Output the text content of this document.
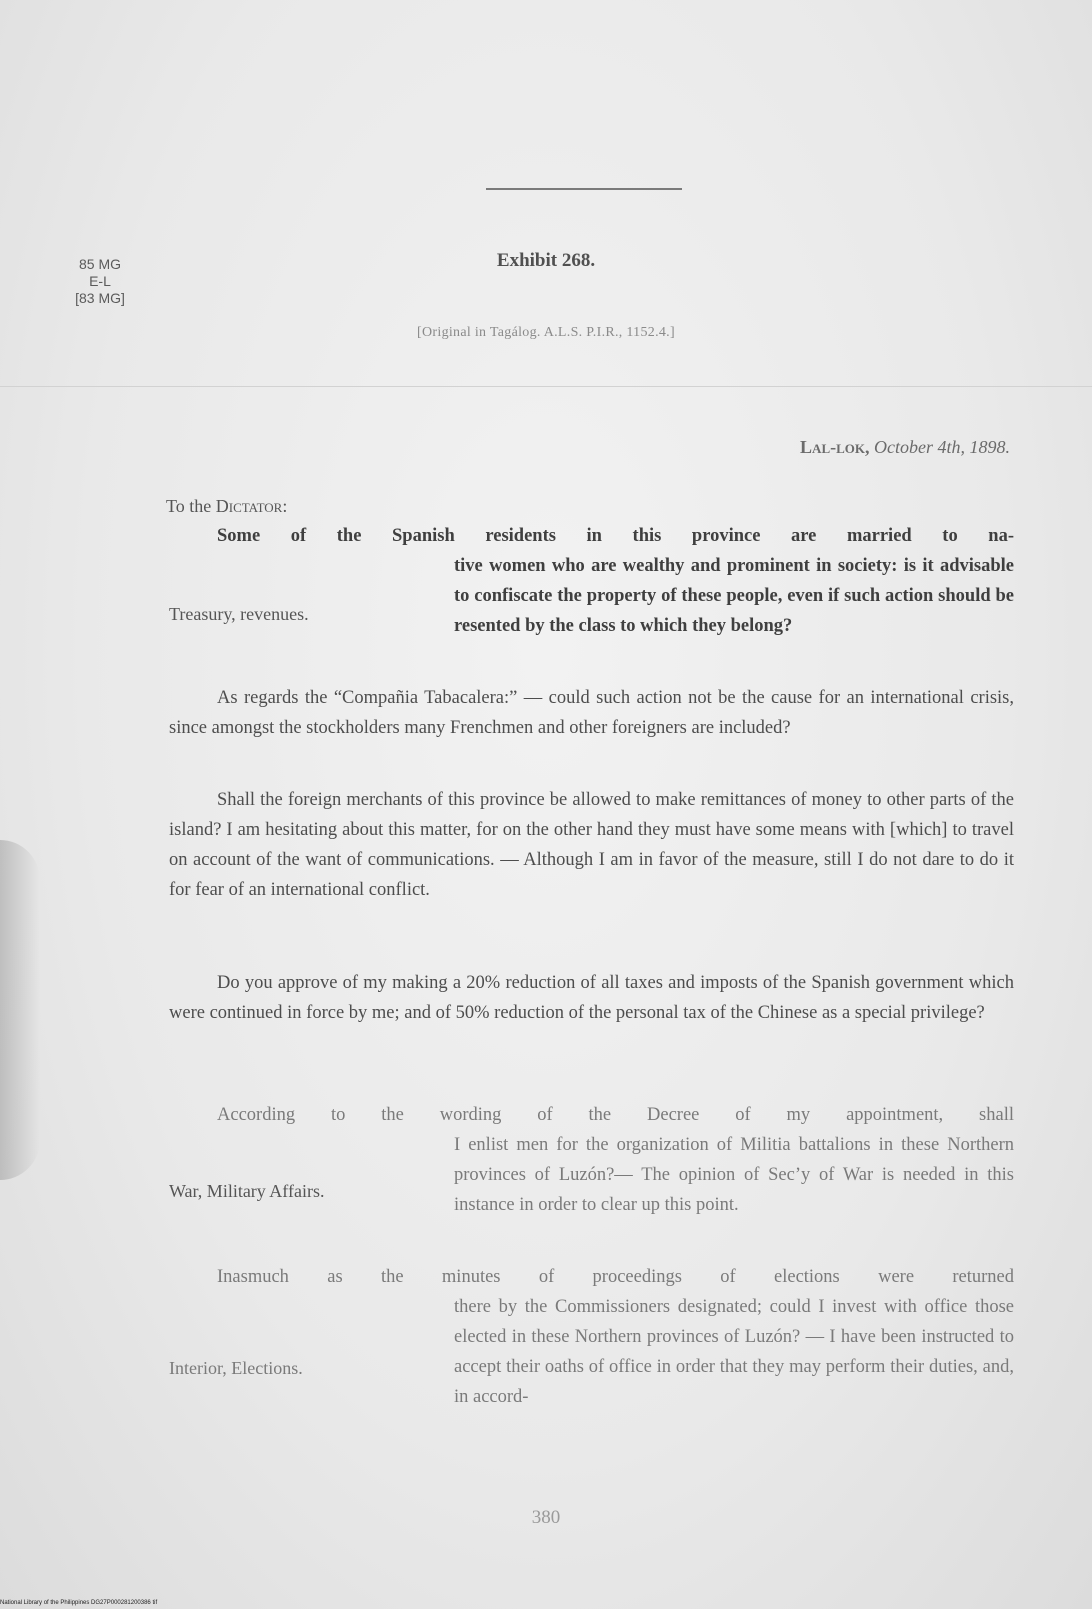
85 MG
E-L
[83 MG]
Exhibit 268.
[Original in Tagálog. A.L.S. P.I.R., 1152.4.]
Lal-lok, October 4th, 1898.
To the Dictator:

Some of the Spanish residents in this province are married to na-

Treasury, revenues.
tive women who are wealthy and prominent in society: is it advisable to confiscate the property of these people, even if such action should be resented by the class to which they belong?

As regards the “Compañia Tabacalera:” — could such action not be the cause for an international crisis, since amongst the stockholders many Frenchmen and other foreigners are included?

Shall the foreign merchants of this province be allowed to make remittances of money to other parts of the island? I am hesitating about this matter, for on the other hand they must have some means with [which] to travel on account of the want of communications. — Although I am in favor of the measure, still I do not dare to do it for fear of an international conflict.

Do you approve of my making a 20% reduction of all taxes and imposts of the Spanish government which were continued in force by me; and of 50% reduction of the personal tax of the Chinese as a special privilege?

According to the wording of the Decree of my appointment, shall

War, Military Affairs.
I enlist men for the organization of Militia battalions in these Northern provinces of Luzón?— The opinion of Sec’y of War is needed in this instance in order to clear up this point.

Inasmuch as the minutes of proceedings of elections were returned

Interior, Elections.
there by the Commissioners designated; could I invest with office those elected in these Northern provinces of Luzón? — I have been instructed to accept their oaths of office in order that they may perform their duties, and, in accord-
380
National Library of the Philippines DG27P000281200386 tif
